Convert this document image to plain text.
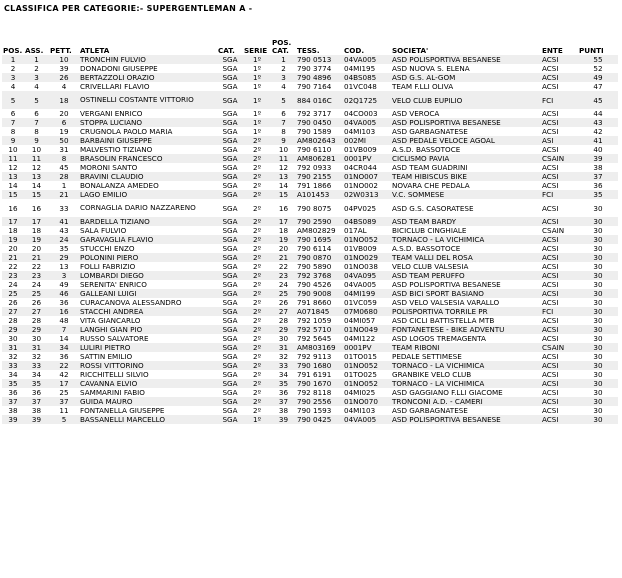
CLASSIFICA PER CATEGORIE:- SUPERGENTLEMAN A -
POS.	ASS.	PETT.	ATLETA	CAT.	SERIE	POS. CAT.	TESS.	COD.	SOCIETA'	ENTE	PUNTI
1	1	10	TRONCHIN FULVIO	SGA	1º	1	790 0513	04VA005	ASD POLISPORTIVA BESANESE	ACSI	55
2	2	39	DONADONI GIUSEPPE	SGA	1º	2	790 3774	04MI195	ASD NUOVA S. ELENA	ACSI	52
3	3	26	BERTAZZOLI ORAZIO	SGA	1º	3	790 4896	04BS085	ASD G.S. AL-GOM	ACSI	49
4	4	4	CRIVELLARI FLAVIO	SGA	1º	4	790 7164	01VC048	TEAM F.LLI OLIVA	ACSI	47
5	5	18	OSTINELLI COSTANTE VITTORIO	SGA	1º	5	884 016C	02Q1725	VELO CLUB EUPILIO	FCI	45
6	6	20	VERGANI ENRICO	SGA	1º	6	792 3717	04CO003	ASD VEROCA	ACSI	44
7	7	6	STOPPA LUCIANO	SGA	1º	7	790 0450	04VA005	ASD POLISPORTIVA BESANESE	ACSI	43
8	8	19	CRUGNOLA PAOLO MARIA	SGA	1º	8	790 1589	04MI103	ASD GARBAGNATESE	ACSI	42
9	9	50	BARBAINI GIUSEPPE	SGA	2º	9	AM802643	002MI	ASD PEDALE VELOCE AGOAL	ASI	41
10	10	31	MALVESTIO TIZIANO	SGA	2º	10	790 6110	01VB009	A.S.D. BASSOTOCE	ACSI	40
11	11	8	BRASOLIN FRANCESCO	SGA	2º	11	AM806281	0001PV	CICLISMO PAVIA	CSAIN	39
12	12	45	MORONI SANTO	SGA	2º	12	792 0933	04CR044	ASD TEAM GUADRINI	ACSI	38
13	13	28	BRAVINI CLAUDIO	SGA	2º	13	790 2155	01NO007	TEAM HIBISCUS BIKE	ACSI	37
14	14	1	BONALANZA AMEDEO	SGA	2º	14	791 1866	01NO002	NOVARA CHE PEDALA	ACSI	36
15	15	21	LAGO EMILIO	SGA	2º	15	A101453	02W0313	V.C. SOMMESE	FCI	35
16	16	33	CORNAGLIA DARIO NAZZARENO	SGA	2º	16	790 8075	04PV025	ASD G.S. CASORATESE	ACSI	30
17	17	41	BARDELLA TIZIANO	SGA	2º	17	790 2590	04BS089	ASD TEAM BARDY	ACSI	30
18	18	43	SALA FULVIO	SGA	2º	18	AM802829	017AL	BICICLUB CINGHIALE	CSAIN	30
19	19	24	GARAVAGLIA FLAVIO	SGA	2º	19	790 1695	01NO052	TORNACO - LA VICHIMICA	ACSI	30
20	20	35	STUCCHI ENZO	SGA	2º	20	790 6114	01VB009	A.S.D. BASSOTOCE	ACSI	30
21	21	29	POLONINI PIERO	SGA	2º	21	790 0870	01NO029	TEAM VALLI DEL ROSA	ACSI	30
22	22	13	FOLLI FABRIZIO	SGA	2º	22	790 5890	01NO038	VELO CLUB VALSESIA	ACSI	30
23	23	3	LOMBARDI DIEGO	SGA	2º	23	792 3768	04VA095	ASD TEAM PERUFFO	ACSI	30
24	24	49	SERENITA' ENRICO	SGA	2º	24	790 4526	04VA005	ASD POLISPORTIVA BESANESE	ACSI	30
25	25	46	GALLEANI LUIGI	SGA	2º	25	790 9008	04MI199	ASD BICI SPORT BASIANO	ACSI	30
26	26	36	CURACANOVA ALESSANDRO	SGA	2º	26	791 8660	01VC059	ASD VELO VALSESIA VARALLO	ACSI	30
27	27	16	STACCHI ANDREA	SGA	2º	27	A071845	07M0680	POLISPORTIVA TORRILE PR	FCI	30
28	28	48	VITA GIANCARLO	SGA	2º	28	792 1059	04MI057	ASD CICLI BATTISTELLA MTB	ACSI	30
29	29	7	LANGHI GIAN PIO	SGA	2º	29	792 5710	01NO049	FONTANETESE - BIKE ADVENTU	ACSI	30
30	30	14	RUSSO SALVATORE	SGA	2º	30	792 5645	04MI122	ASD LOGOS TREMAGENTA	ACSI	30
31	31	34	LULIRI PIETRO	SGA	2º	31	AM803169	0001PV	TEAM RIBONI	CSAIN	30
32	32	36	SATTIN EMILIO	SGA	2º	32	792 9113	01TO015	PEDALE SETTIMESE	ACSI	30
33	33	22	ROSSI VITTORINO	SGA	2º	33	790 1680	01NO052	TORNACO - LA VICHIMICA	ACSI	30
34	34	42	RICCHITELLI SILVIO	SGA	2º	34	791 6191	01TO025	GRANBIKE VELO CLUB	ACSI	30
35	35	17	CAVANNA ELVIO	SGA	2º	35	790 1670	01NO052	TORNACO - LA VICHIMICA	ACSI	30
36	36	25	SAMMARINI FABIO	SGA	2º	36	792 8118	04MI025	ASD GAGGIANO F.LLI GIACOME	ACSI	30
37	37	37	GUIDA MAURO	SGA	2º	37	790 2556	01NO070	TRONCONI A.D. - CAMERI	ACSI	30
38	38	11	FONTANELLA GIUSEPPE	SGA	2º	38	790 1593	04MI103	ASD GARBAGNATESE	ACSI	30
39	39	5	BASSANELLI MARCELLO	SGA	1º	39	790 0425	04VA005	ASD POLISPORTIVA BESANESE	ACSI	30
